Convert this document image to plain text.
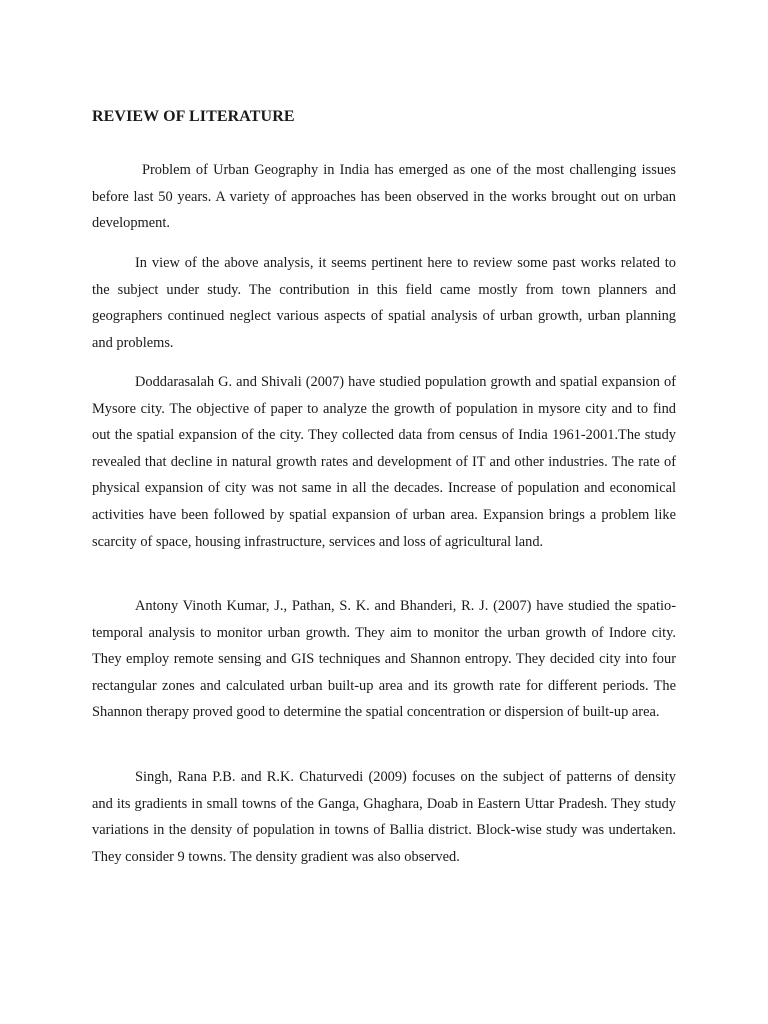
REVIEW OF LITERATURE

Problem of Urban Geography in India has emerged as one of the most challenging issues before last 50 years. A variety of approaches has been observed in the works brought out on urban development.

In view of the above analysis, it seems pertinent here to review some past works related to the subject under study. The contribution in this field came mostly from town planners and geographers continued neglect various aspects of spatial analysis of urban growth, urban planning and problems.

Doddarasalah G. and Shivali (2007) have studied population growth and spatial expansion of Mysore city. The objective of paper to analyze the growth of population in mysore city and to find out the spatial expansion of the city. They collected data from census of India 1961-2001.The study revealed that decline in natural growth rates and development of IT and other industries. The rate of physical expansion of city was not same in all the decades. Increase of population and economical activities have been followed by spatial expansion of urban area. Expansion brings a problem like scarcity of space, housing infrastructure, services and loss of agricultural land.

Antony Vinoth Kumar, J., Pathan, S. K. and Bhanderi, R. J. (2007) have studied the spatio-temporal analysis to monitor urban growth. They aim to monitor the urban growth of Indore city. They employ remote sensing and GIS techniques and Shannon entropy. They decided city into four rectangular zones and calculated urban built-up area and its growth rate for different periods. The Shannon therapy proved good to determine the spatial concentration or dispersion of built-up area.

Singh, Rana P.B. and R.K. Chaturvedi (2009) focuses on the subject of patterns of density and its gradients in small towns of the Ganga, Ghaghara, Doab in Eastern Uttar Pradesh. They study variations in the density of population in towns of Ballia district. Block-wise study was undertaken. They consider 9 towns. The density gradient was also observed.
